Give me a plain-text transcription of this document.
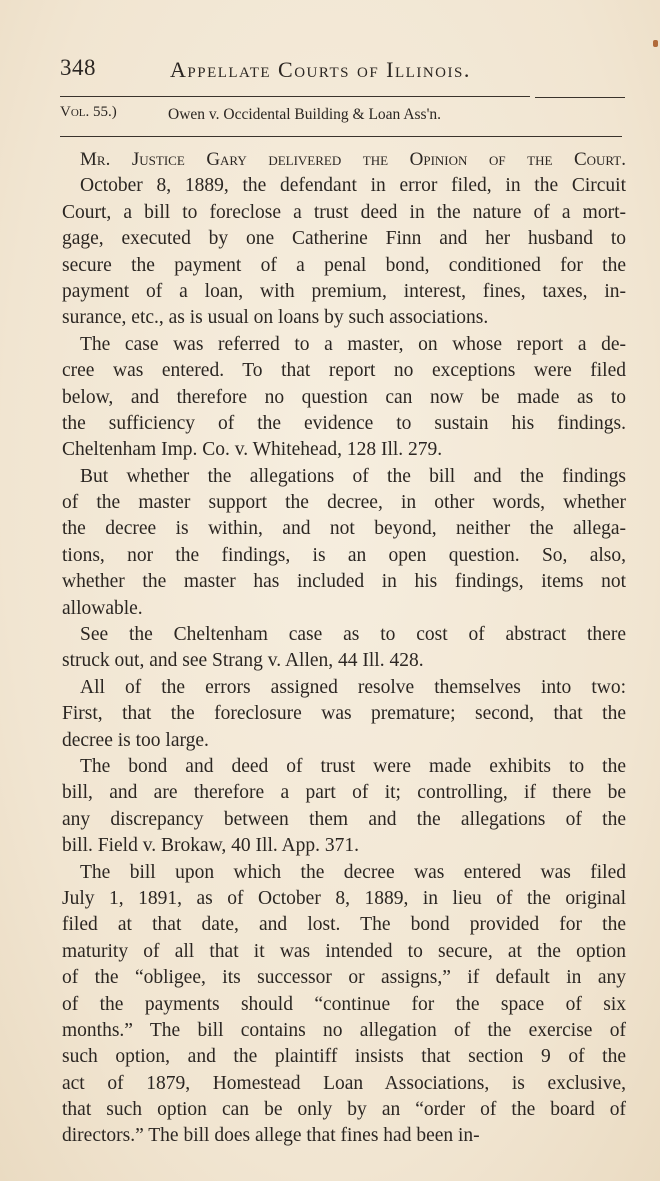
348	Appellate Courts of Illinois.
Vol. 55.)	Owen v. Occidental Building & Loan Ass'n.
Mr. Justice Gary delivered the Opinion of the Court.
October 8, 1889, the defendant in error filed, in the Circuit
Court, a bill to foreclose a trust deed in the nature of a mort-
gage, executed by one Catherine Finn and her husband to
secure the payment of a penal bond, conditioned for the
payment of a loan, with premium, interest, fines, taxes, in-
surance, etc., as is usual on loans by such associations.
The case was referred to a master, on whose report a de-
cree was entered. To that report no exceptions were filed
below, and therefore no question can now be made as to
the sufficiency of the evidence to sustain his findings.
Cheltenham Imp. Co. v. Whitehead, 128 Ill. 279.
But whether the allegations of the bill and the findings
of the master support the decree, in other words, whether
the decree is within, and not beyond, neither the allega-
tions, nor the findings, is an open question. So, also,
whether the master has included in his findings, items not
allowable.
See the Cheltenham case as to cost of abstract there
struck out, and see Strang v. Allen, 44 Ill. 428.
All of the errors assigned resolve themselves into two:
First, that the foreclosure was premature; second, that the
decree is too large.
The bond and deed of trust were made exhibits to the
bill, and are therefore a part of it; controlling, if there be
any discrepancy between them and the allegations of the
bill. Field v. Brokaw, 40 Ill. App. 371.
The bill upon which the decree was entered was filed
July 1, 1891, as of October 8, 1889, in lieu of the original
filed at that date, and lost. The bond provided for the
maturity of all that it was intended to secure, at the option
of the “obligee, its successor or assigns,” if default in any
of the payments should “continue for the space of six
months.” The bill contains no allegation of the exercise of
such option, and the plaintiff insists that section 9 of the
act of 1879, Homestead Loan Associations, is exclusive,
that such option can be only by an “order of the board of
directors.” The bill does allege that fines had been in-
